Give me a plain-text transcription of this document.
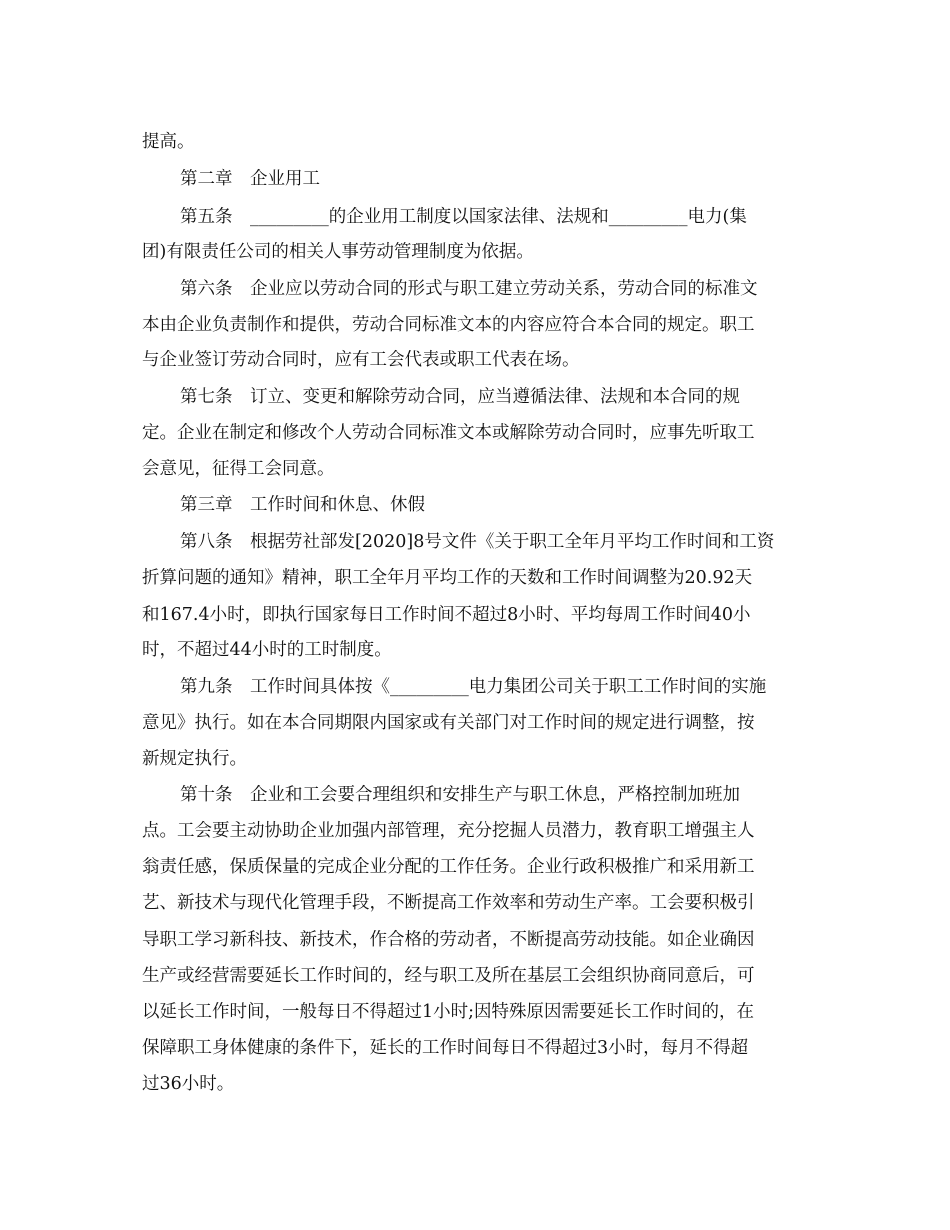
提高。
第二章　企业用工
第五条　_________的企业用工制度以国家法律、法规和_________电力(集
团)有限责任公司的相关人事劳动管理制度为依据。
第六条　企业应以劳动合同的形式与职工建立劳动关系，劳动合同的标准文
本由企业负责制作和提供，劳动合同标准文本的内容应符合本合同的规定。职工
与企业签订劳动合同时，应有工会代表或职工代表在场。
第七条　订立、变更和解除劳动合同，应当遵循法律、法规和本合同的规
定。企业在制定和修改个人劳动合同标准文本或解除劳动合同时，应事先听取工
会意见，征得工会同意。
第三章　工作时间和休息、休假
第八条　根据劳社部发[2020]8号文件《关于职工全年月平均工作时间和工资
折算问题的通知》精神，职工全年月平均工作的天数和工作时间调整为20.92天
和167.4小时，即执行国家每日工作时间不超过8小时、平均每周工作时间40小
时，不超过44小时的工时制度。
第九条　工作时间具体按《_________电力集团公司关于职工工作时间的实施
意见》执行。如在本合同期限内国家或有关部门对工作时间的规定进行调整，按
新规定执行。
第十条　企业和工会要合理组织和安排生产与职工休息，严格控制加班加
点。工会要主动协助企业加强内部管理，充分挖掘人员潜力，教育职工增强主人
翁责任感，保质保量的完成企业分配的工作任务。企业行政积极推广和采用新工
艺、新技术与现代化管理手段，不断提高工作效率和劳动生产率。工会要积极引
导职工学习新科技、新技术，作合格的劳动者，不断提高劳动技能。如企业确因
生产或经营需要延长工作时间的，经与职工及所在基层工会组织协商同意后，可
以延长工作时间，一般每日不得超过1小时;因特殊原因需要延长工作时间的，在
保障职工身体健康的条件下，延长的工作时间每日不得超过3小时，每月不得超
过36小时。
